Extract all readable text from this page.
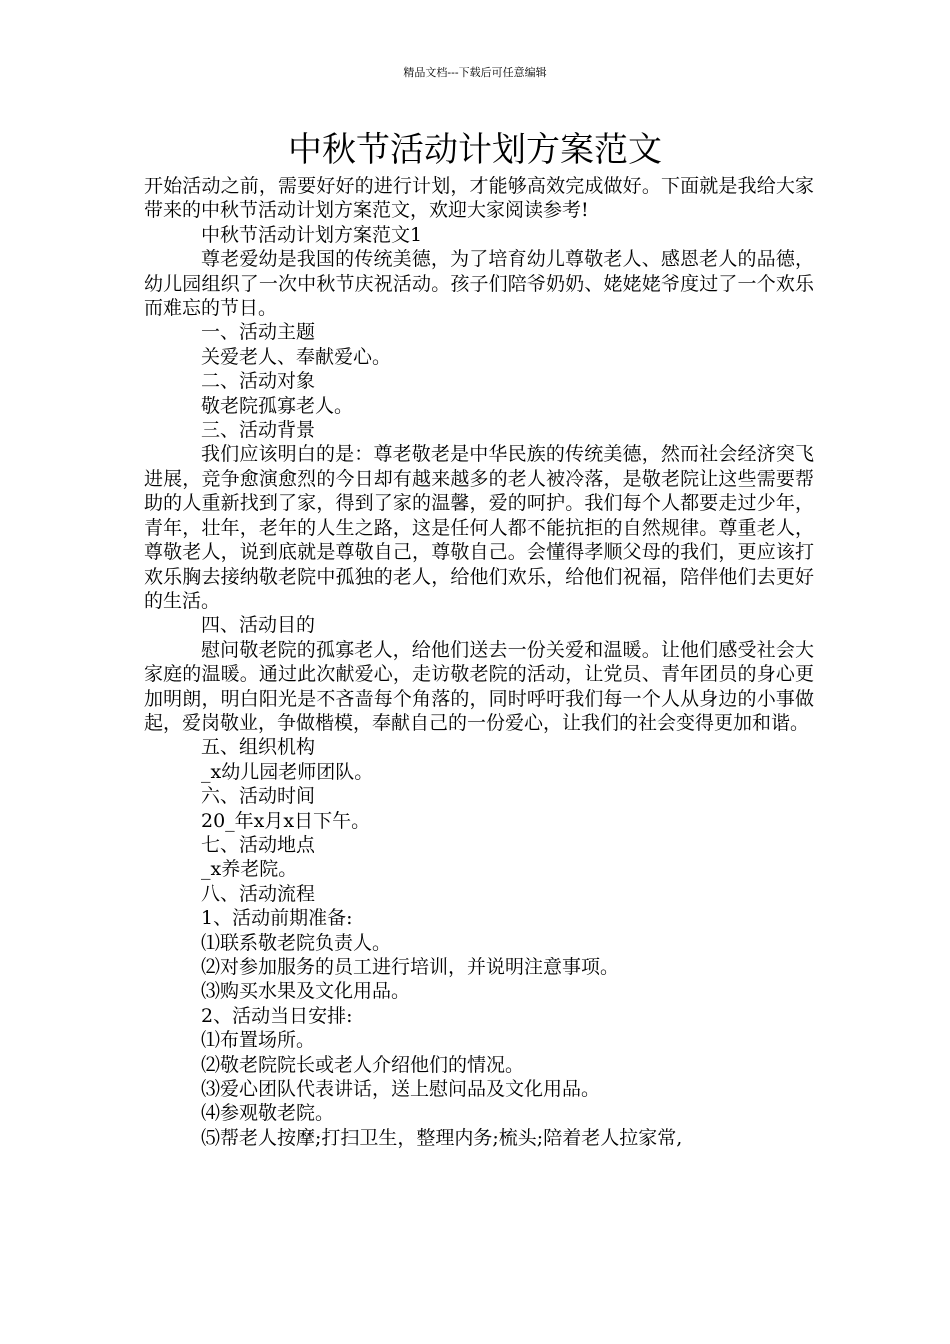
精品文档---下载后可任意编辑
中秋节活动计划方案范文

开始活动之前，需要好好的进行计划，才能够高效完成做好。下面就是我给大家带来的中秋节活动计划方案范文，欢迎大家阅读参考!

中秋节活动计划方案范文1

尊老爱幼是我国的传统美德，为了培育幼儿尊敬老人、感恩老人的品德，幼儿园组织了一次中秋节庆祝活动。孩子们陪爷奶奶、姥姥姥爷度过了一个欢乐而难忘的节日。

一、活动主题

关爱老人、奉献爱心。

二、活动对象

敬老院孤寡老人。

三、活动背景

我们应该明白的是：尊老敬老是中华民族的传统美德，然而社会经济突飞进展，竞争愈演愈烈的今日却有越来越多的老人被冷落，是敬老院让这些需要帮助的人重新找到了家，得到了家的温馨，爱的呵护。我们每个人都要走过少年，青年，壮年，老年的人生之路，这是任何人都不能抗拒的自然规律。尊重老人，尊敬老人，说到底就是尊敬自己，尊敬自己。会懂得孝顺父母的我们，更应该打欢乐胸去接纳敬老院中孤独的老人，给他们欢乐，给他们祝福，陪伴他们去更好的生活。

四、活动目的

慰问敬老院的孤寡老人，给他们送去一份关爱和温暖。让他们感受社会大家庭的温暖。通过此次献爱心，走访敬老院的活动，让党员、青年团员的身心更加明朗，明白阳光是不吝啬每个角落的，同时呼吁我们每一个人从身边的小事做起，爱岗敬业，争做楷模，奉献自己的一份爱心，让我们的社会变得更加和谐。

五、组织机构

_x幼儿园老师团队。

六、活动时间

20_年x月x日下午。

七、活动地点

_x养老院。

八、活动流程

1、活动前期准备:

⑴联系敬老院负责人。

⑵对参加服务的员工进行培训，并说明注意事项。

⑶购买水果及文化用品。

2、活动当日安排:

⑴布置场所。

⑵敬老院院长或老人介绍他们的情况。

⑶爱心团队代表讲话，送上慰问品及文化用品。

⑷参观敬老院。

⑸帮老人按摩;打扫卫生，整理内务;梳头;陪着老人拉家常,
